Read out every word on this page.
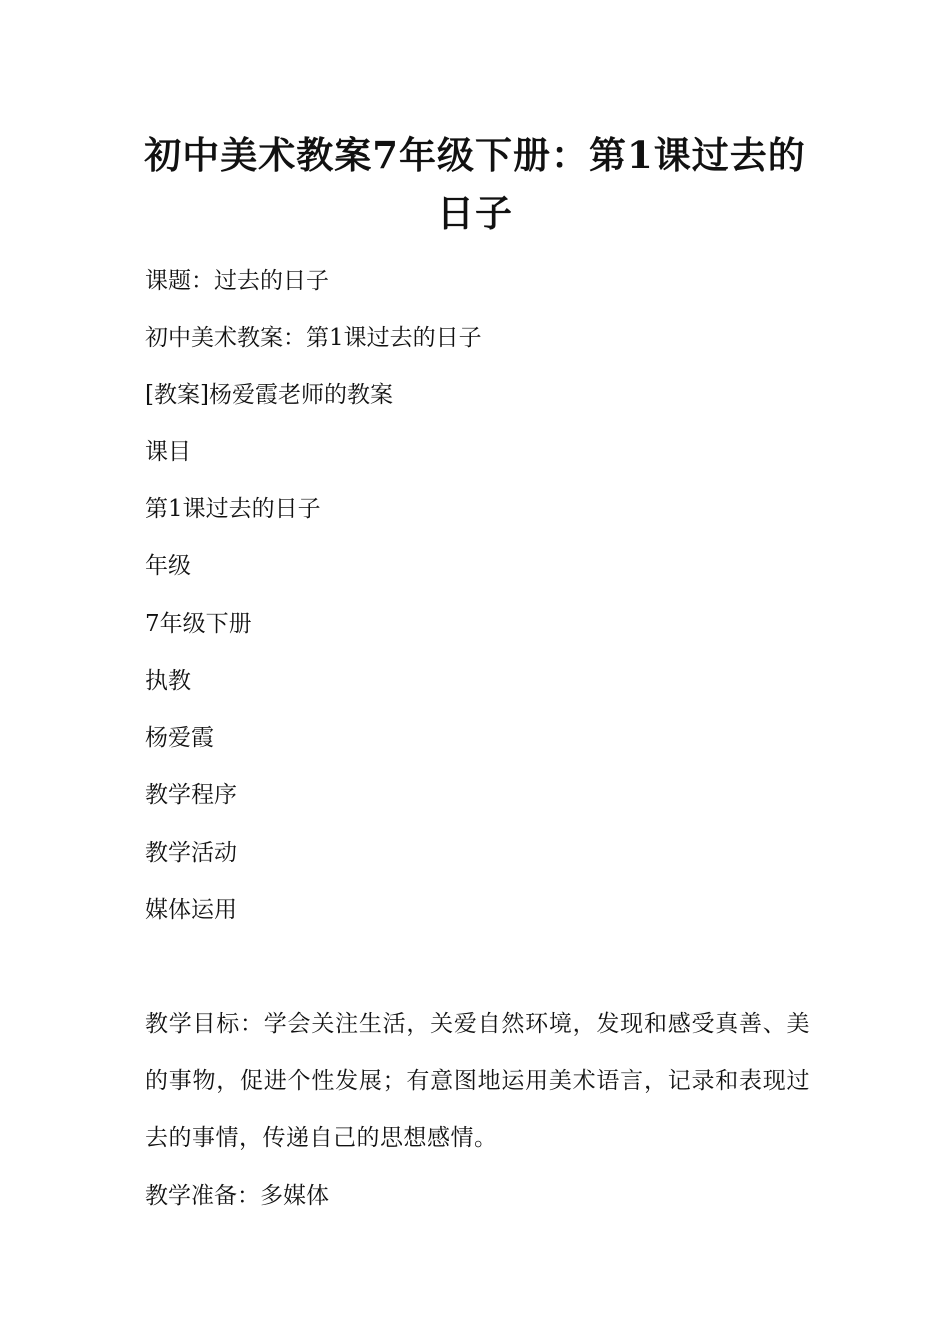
初中美术教案7年级下册：第1课过去的日子

课题：过去的日子

初中美术教案：第1课过去的日子

[教案]杨爱霞老师的教案

课目

第1课过去的日子

年级

7年级下册

执教

杨爱霞

教学程序

教学活动

媒体运用

教学目标：学会关注生活，关爱自然环境，发现和感受真善、美的事物，促进个性发展；有意图地运用美术语言，记录和表现过去的事情，传递自己的思想感情。

教学准备：多媒体
